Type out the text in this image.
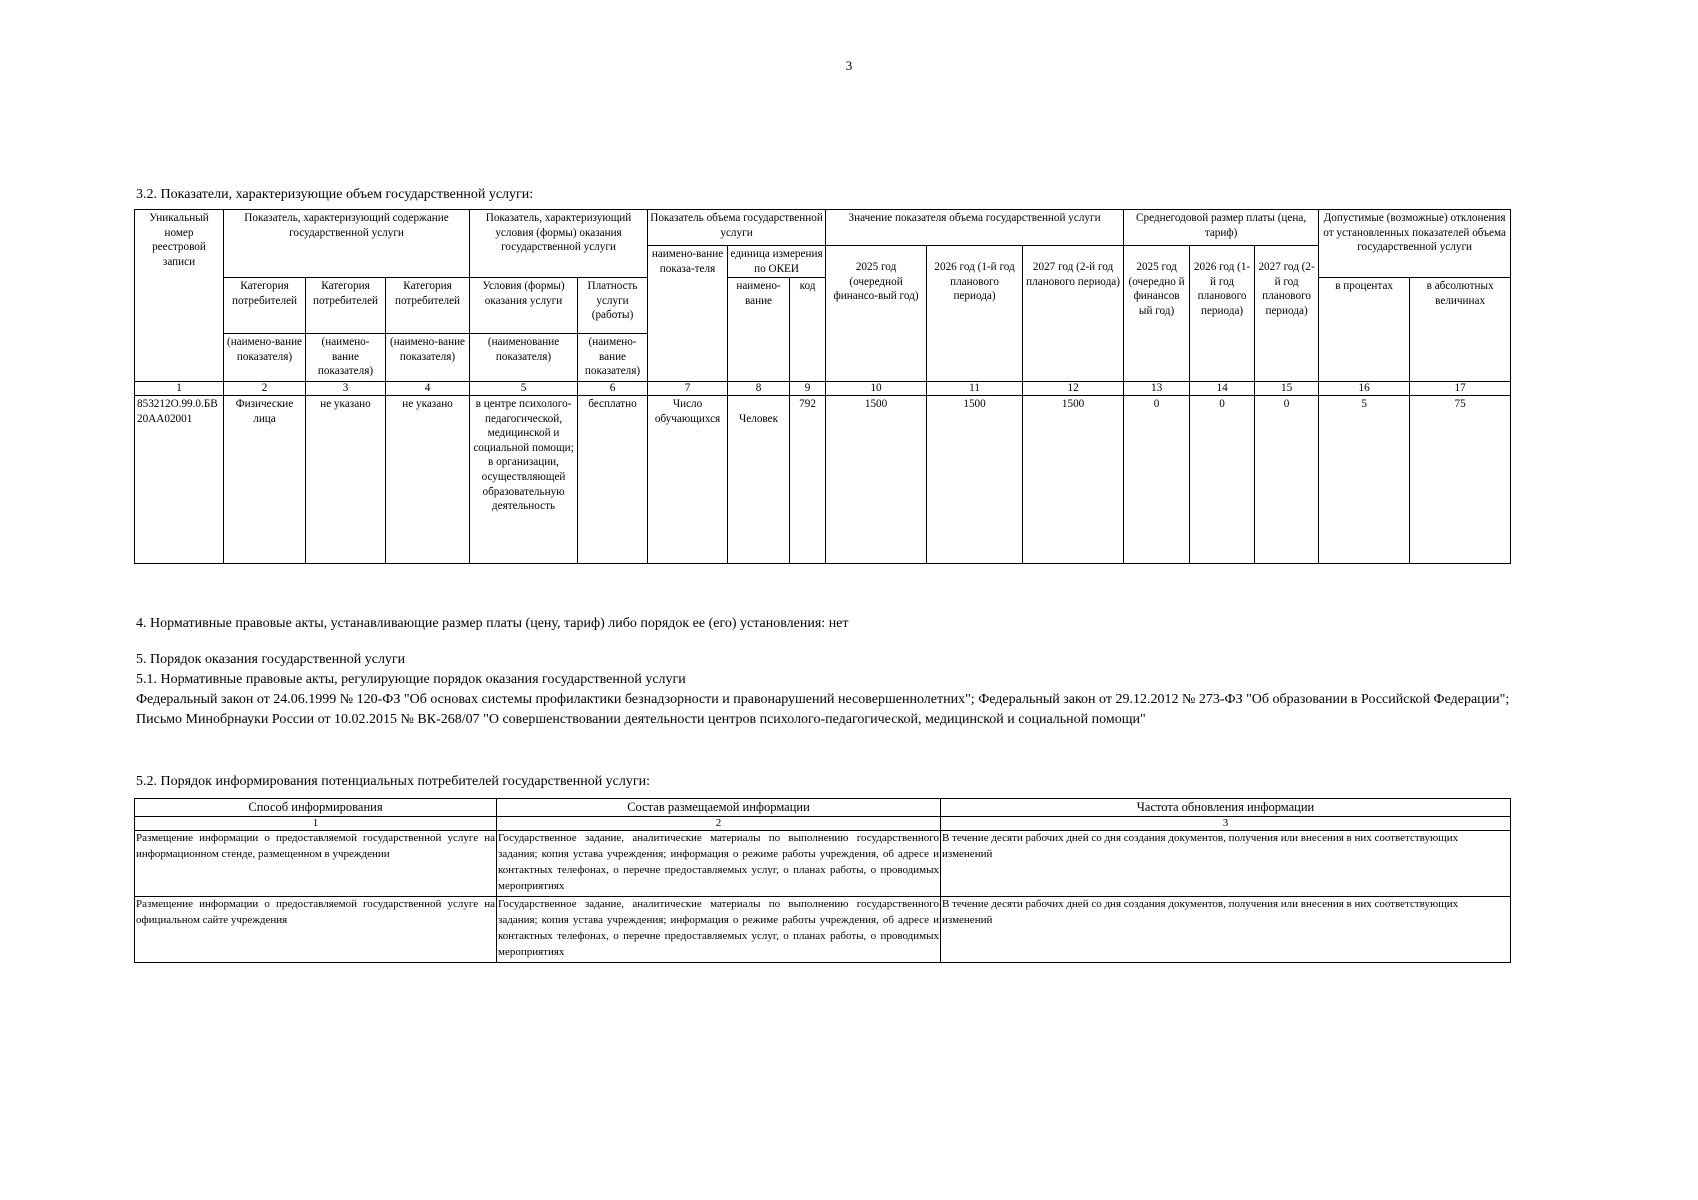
3
3.2. Показатели, характеризующие объем государственной услуги:
Уникальный номер реестровой записи	Показатель, характеризующий содержание государственной услуги			Показатель, характеризующий условия (формы) оказания государственной услуги		Показатель объема государственной услуги			Значение показателя объема государственной услуги			Среднегодовой размер платы (цена, тариф)			Допустимые (возможные) отклонения от установленных показателей объема государственной услуги	
						наимено-вание показа-теля	единица измерения по ОКЕИ		2025 год (очередной финансо-вый год)	2026 год (1-й год планового периода)	2027 год (2-й год планового периода)	2025 год (очередно й финансов ый год)	2026 год (1-й год планового периода)	2027 год (2-й год планового периода)		
	Категория потребителей	Категория потребителей	Категория потребителей	Условия (формы) оказания услуги	Платность услуги (работы)		наимено-вание	код							в процентах	в абсолютных величинах
	(наимено-вание показателя)	(наимено-вание показателя)	(наимено-вание показателя)	(наименование показателя)	(наимено-вание показателя)											
1	2	3	4	5	6	7	8	9	10	11	12	13	14	15	16	17
853212О.99.0.БВ20АА02001	Физические лица	не указано	не указано	в центре психолого-педагогической, медицинской и социальной помощи; в организации, осуществляющей образовательную деятельность	бесплатно	Число обучающихся	Человек	792	1500	1500	1500	0	0	0	5	75
4. Нормативные правовые акты, устанавливающие размер платы (цену, тариф) либо порядок ее (его) установления: нет
5. Порядок оказания государственной услуги
5.1. Нормативные правовые акты, регулирующие порядок оказания государственной услуги
Федеральный закон от 24.06.1999 № 120-ФЗ "Об основах системы профилактики безнадзорности и правонарушений несовершеннолетних"; Федеральный закон от 29.12.2012 № 273-ФЗ "Об образовании в Российской Федерации"; Письмо Минобрнауки России от 10.02.2015 № ВК-268/07 "О совершенствовании деятельности центров психолого-педагогической, медицинской и социальной помощи"
5.2. Порядок информирования потенциальных потребителей государственной услуги:
Способ информирования	Состав размещаемой информации	Частота обновления информации
1	2	3
Размещение информации о предоставляемой государственной услуге на информационном стенде, размещенном в учреждении	Государственное задание, аналитические материалы по выполнению государственного задания; копия устава учреждения; информация о режиме работы учреждения, об адресе и контактных телефонах, о перечне предоставляемых услуг, о планах работы, о проводимых мероприятиях	В течение десяти рабочих дней со дня создания документов, получения или внесения в них соответствующих изменений
Размещение информации о предоставляемой государственной услуге на официальном сайте учреждения	Государственное задание, аналитические материалы по выполнению государственного задания; копия устава учреждения; информация о режиме работы учреждения, об адресе и контактных телефонах, о перечне предоставляемых услуг, о планах работы, о проводимых мероприятиях	В течение десяти рабочих дней со дня создания документов, получения или внесения в них соответствующих изменений
